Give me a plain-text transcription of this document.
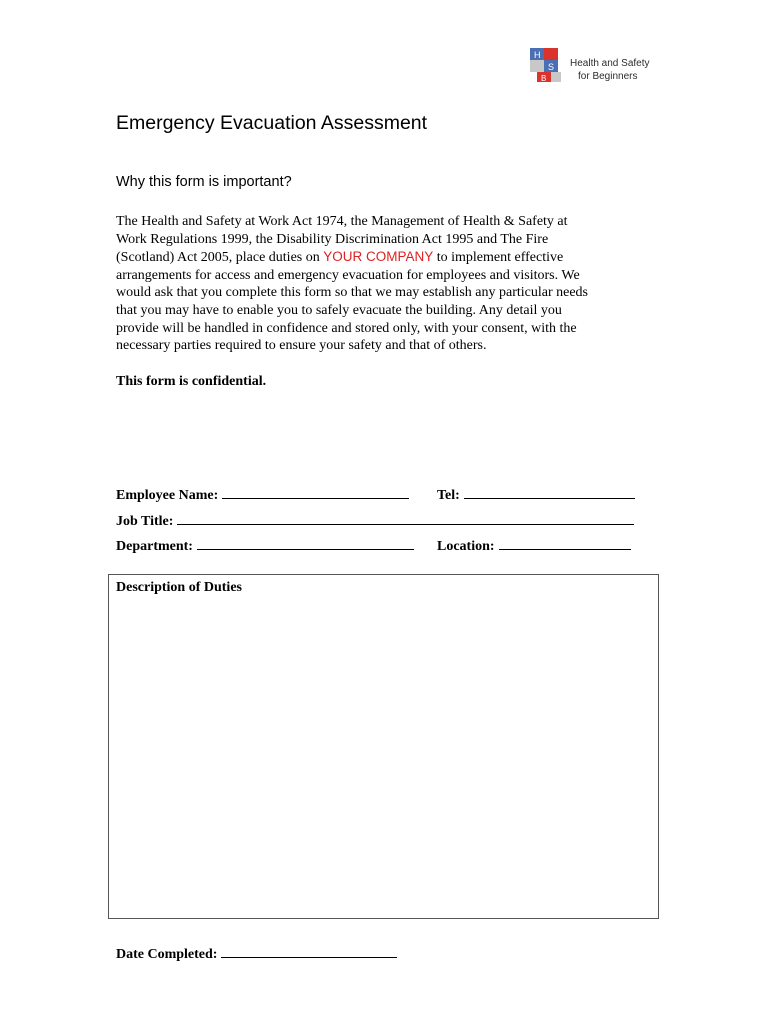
H
S
B
Health and Safety
for Beginners
Emergency Evacuation Assessment
Why this form is important?

The Health and Safety at Work Act 1974, the Management of Health & Safety at
Work Regulations 1999, the Disability Discrimination Act 1995 and The Fire
(Scotland) Act 2005, place duties on YOUR COMPANY to implement effective
arrangements for access and emergency evacuation for employees and visitors. We
would ask that you complete this form so that we may establish any particular needs
that you may have to enable you to safely evacuate the building. Any detail you
provide will be handled in confidence and stored only, with your consent, with the
necessary parties required to ensure your safety and that of others.

This form is confidential.

Employee Name:	Tel:
Job Title:
Department:	Location:
Description of Duties
Date Completed:
